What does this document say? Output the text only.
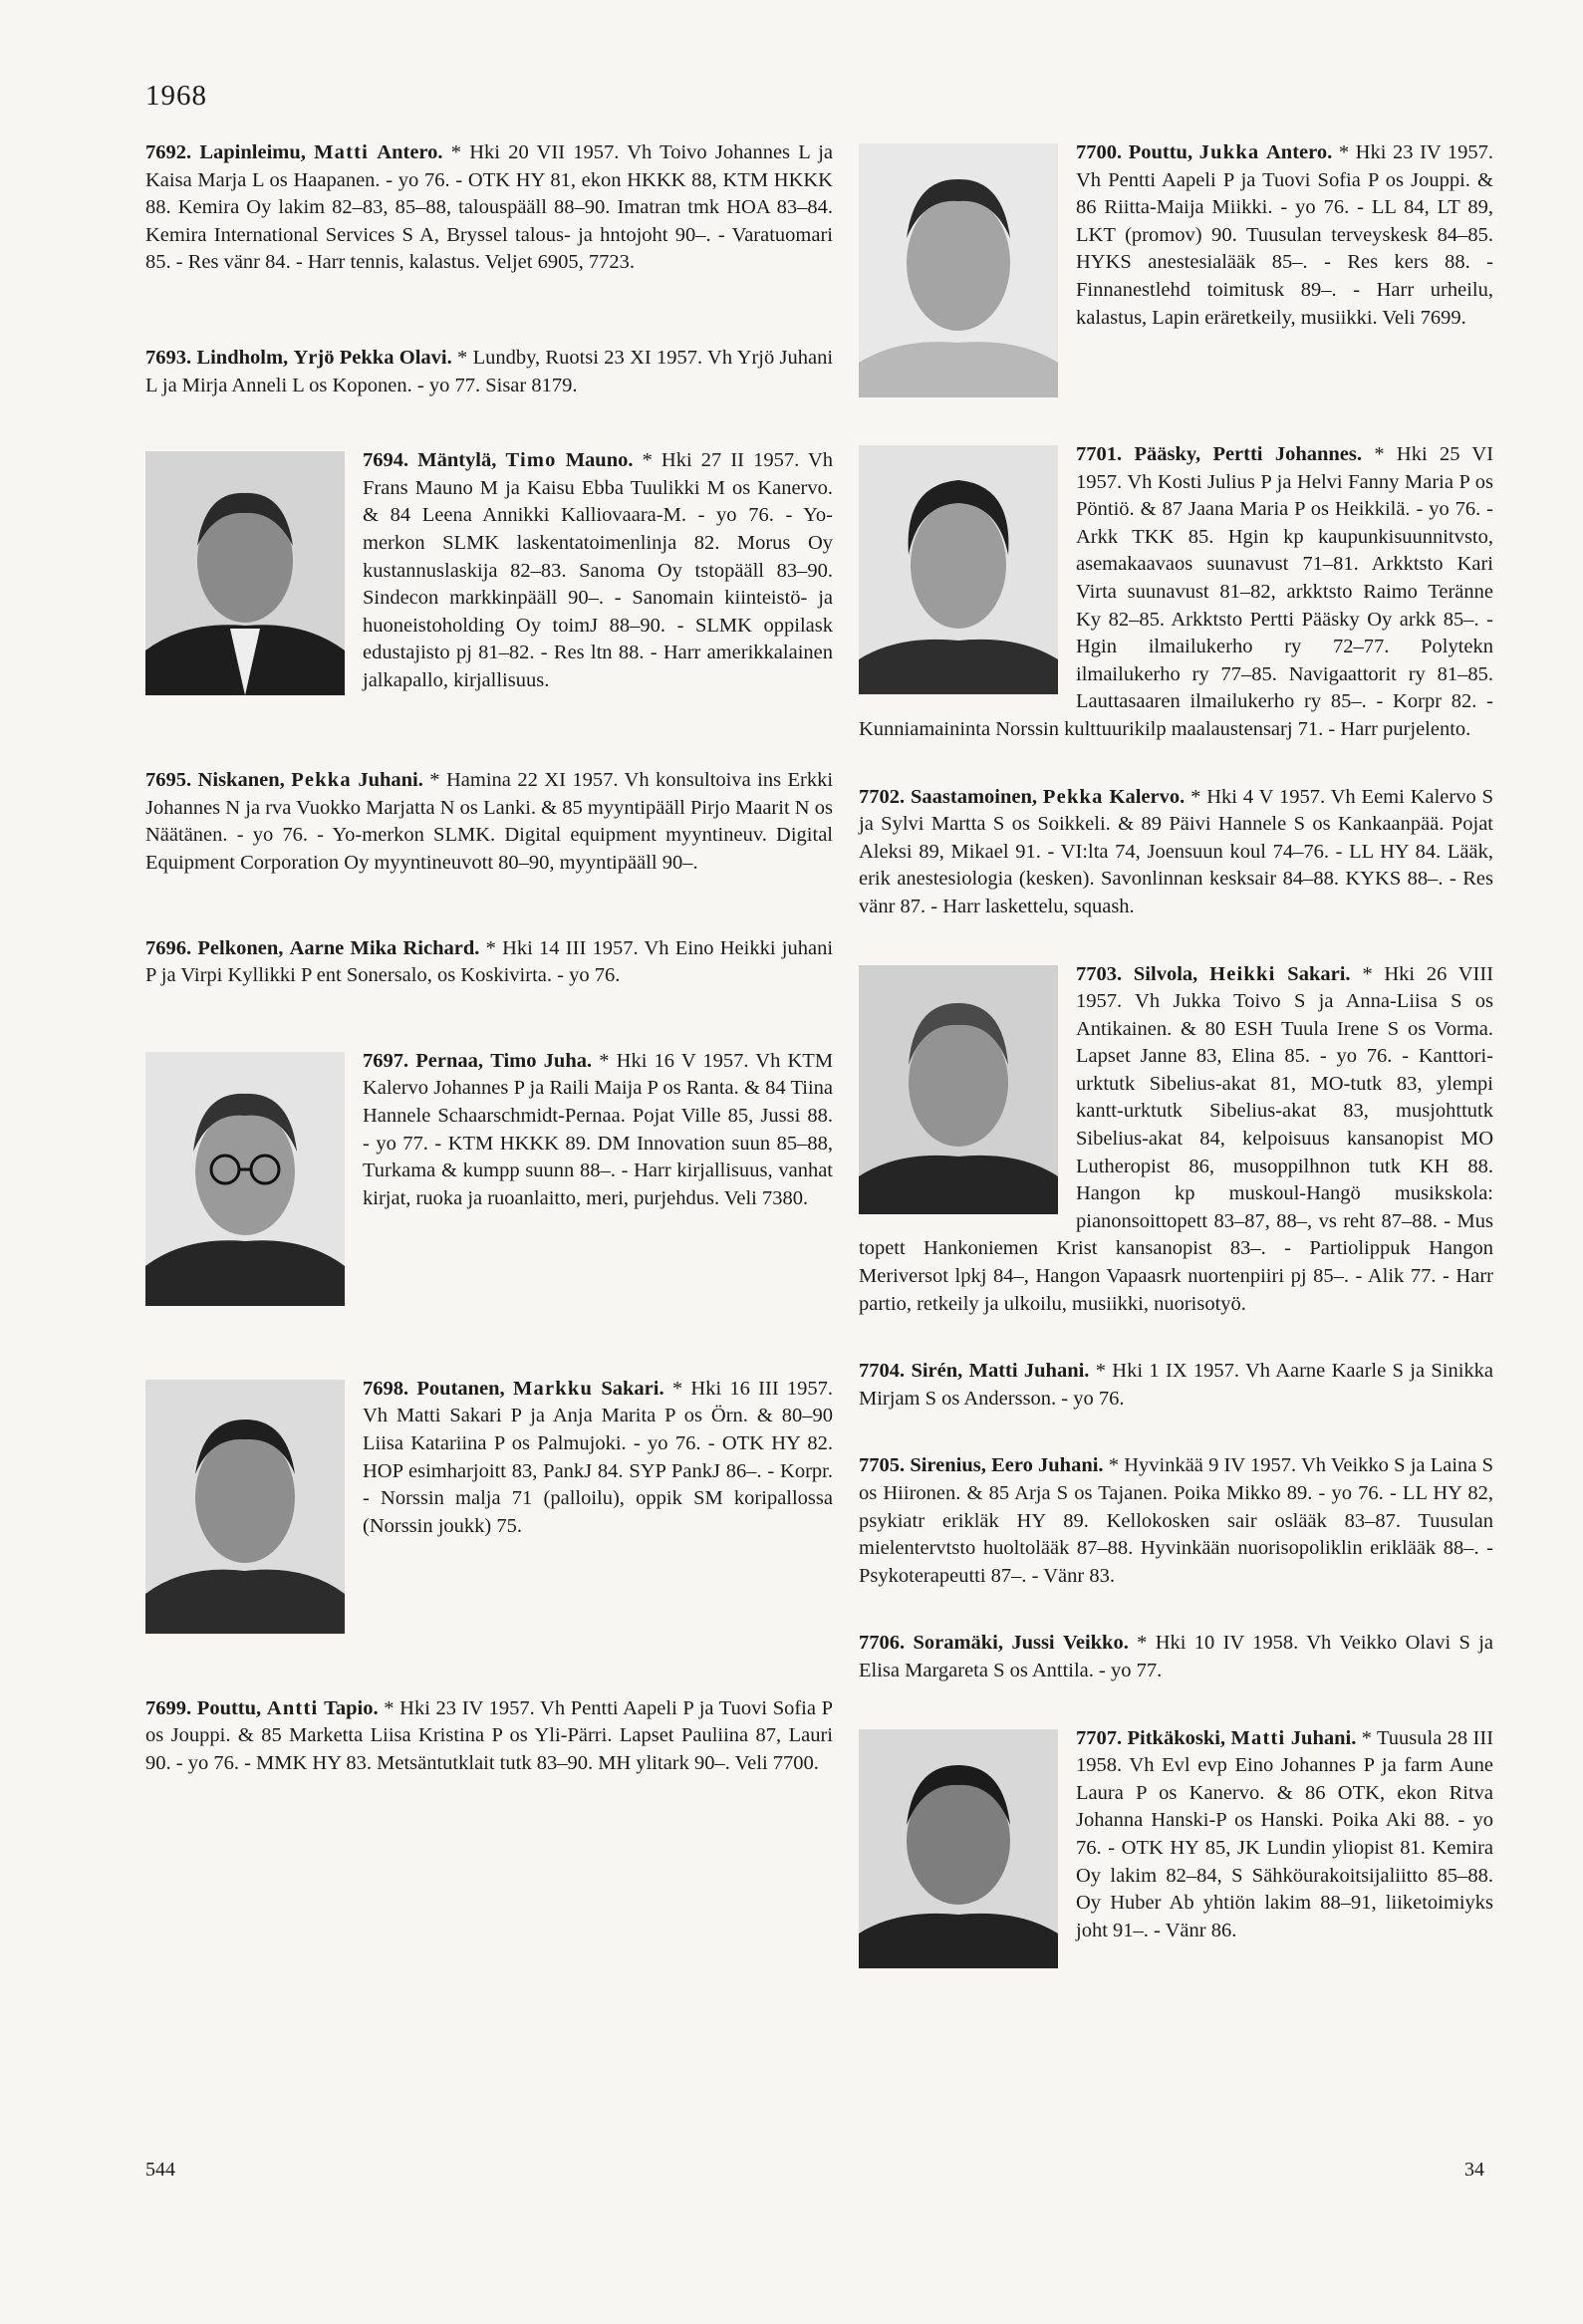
1968

7692. Lapinleimu, Matti Antero. * Hki 20 VII 1957. Vh Toivo Johannes L ja Kaisa Marja L os Haapanen. - yo 76. - OTK HY 81, ekon HKKK 88, KTM HKKK 88. Kemira Oy lakim 82–83, 85–88, talouspääll 88–90. Imatran tmk HOA 83–84. Kemira International Services S A, Bryssel talous- ja hntojoht 90–. - Varatuomari 85. - Res vänr 84. - Harr tennis, kalastus. Veljet 6905, 7723.

7693. Lindholm, Yrjö Pekka Olavi. * Lundby, Ruotsi 23 XI 1957. Vh Yrjö Juhani L ja Mirja Anneli L os Koponen. - yo 77. Sisar 8179.

7694. Mäntylä, Timo Mauno.
* Hki 27 II 1957. Vh Frans Mauno M ja Kaisu Ebba Tuulikki M os Kanervo. & 84 Leena Annikki Kalliovaara-M. - yo 76. - Yo-merkon SLMK laskentatoimenlinja 82. Morus Oy kustannuslaskija 82–83. Sanoma Oy tstopääll 83–90. Sindecon markkinpääll 90–. - Sanomain kiinteistö- ja huoneistoholding Oy toimJ 88–90. - SLMK oppilask edustajisto pj 81–82. - Res ltn 88. - Harr amerikkalainen jalkapallo, kirjallisuus.

7695. Niskanen, Pekka Juhani. * Hamina 22 XI 1957. Vh konsultoiva ins Erkki Johannes N ja rva Vuokko Marjatta N os Lanki. & 85 myyntipääll Pirjo Maarit N os Näätänen. - yo 76. - Yo-merkon SLMK. Digital equipment myyntineuv. Digital Equipment Corporation Oy myyntineuvott 80–90, myyntipääll 90–.

7696. Pelkonen, Aarne Mika Richard. * Hki 14 III 1957. Vh Eino Heikki juhani P ja Virpi Kyllikki P ent Sonersalo, os Koskivirta. - yo 76.

7697. Pernaa, Timo Juha.
* Hki 16 V 1957. Vh KTM Kalervo Johannes P ja Raili Maija P os Ranta. & 84 Tiina Hannele Schaarschmidt-Pernaa. Pojat Ville 85, Jussi 88. - yo 77. - KTM HKKK 89. DM Innovation suun 85–88, Turkama & kumpp suunn 88–. - Harr kirjallisuus, vanhat kirjat, ruoka ja ruoanlaitto, meri, purjehdus. Veli 7380.

7698. Poutanen, Markku Sakari.
* Hki 16 III 1957. Vh Matti Sakari P ja Anja Marita P os Örn. & 80–90 Liisa Katariina P os Palmujoki. - yo 76. - OTK HY 82. HOP esimharjoitt 83, PankJ 84. SYP PankJ 86–. - Korpr. - Norssin malja 71 (palloilu), oppik SM koripallossa (Norssin joukk) 75.

7699. Pouttu, Antti Tapio. * Hki 23 IV 1957. Vh Pentti Aapeli P ja Tuovi Sofia P os Jouppi. & 85 Marketta Liisa Kristina P os Yli-Pärri. Lapset Pauliina 87, Lauri 90. - yo 76. - MMK HY 83. Metsäntutklait tutk 83–90. MH ylitark 90–. Veli 7700.

7700. Pouttu, Jukka Antero.
* Hki 23 IV 1957. Vh Pentti Aapeli P ja Tuovi Sofia P os Jouppi. & 86 Riitta-Maija Miikki. - yo 76. - LL 84, LT 89, LKT (promov) 90. Tuusulan terveyskesk 84–85. HYKS anestesialääk 85–. - Res kers 88. - Finnanestlehd toimitusk 89–. - Harr urheilu, kalastus, Lapin eräretkeily, musiikki. Veli 7699.

7701. Pääsky, Pertti Johannes.
* Hki 25 VI 1957. Vh Kosti Julius P ja Helvi Fanny Maria P os Pöntiö. & 87 Jaana Maria P os Heikkilä. - yo 76. - Arkk TKK 85. Hgin kp kaupunkisuunnitvsto, asemakaavaos suunavust 71–81. Arkktsto Kari Virta suunavust 81–82, arkktsto Raimo Teränne Ky 82–85. Arkktsto Pertti Pääsky Oy arkk 85–. - Hgin ilmailukerho ry 72–77. Polytekn ilmailukerho ry 77–85. Navigaattorit ry 81–85. Lauttasaaren ilmailukerho ry 85–. - Korpr 82. - Kunniamaininta Norssin kulttuurikilp maalaustensarj 71. - Harr purjelento.

7702. Saastamoinen, Pekka Kalervo. * Hki 4 V 1957. Vh Eemi Kalervo S ja Sylvi Martta S os Soikkeli. & 89 Päivi Hannele S os Kankaanpää. Pojat Aleksi 89, Mikael 91. - VI:lta 74, Joensuun koul 74–76. - LL HY 84. Lääk, erik anestesiologia (kesken). Savonlinnan kesksair 84–88. KYKS 88–. - Res vänr 87. - Harr laskettelu, squash.

7703. Silvola, Heikki Sakari.
* Hki 26 VIII 1957. Vh Jukka Toivo S ja Anna-Liisa S os Antikainen. & 80 ESH Tuula Irene S os Vorma. Lapset Janne 83, Elina 85. - yo 76. - Kanttori-urktutk Sibelius-akat 81, MO-tutk 83, ylempi kantt-urktutk Sibelius-akat 83, musjohttutk Sibelius-akat 84, kelpoisuus kansanopist MO Lutheropist 86, musoppilhnon tutk KH 88. Hangon kp muskoul-Hangö musikskola: pianonsoittopett 83–87, 88–, vs reht 87–88. - Mus topett Hankoniemen Krist kansanopist 83–. - Partiolippuk Hangon Meriversot lpkj 84–, Hangon Vapaasrk nuortenpiiri pj 85–. - Alik 77. - Harr partio, retkeily ja ulkoilu, musiikki, nuorisotyö.

7704. Sirén, Matti Juhani. * Hki 1 IX 1957. Vh Aarne Kaarle S ja Sinikka Mirjam S os Andersson. - yo 76.

7705. Sirenius, Eero Juhani. * Hyvinkää 9 IV 1957. Vh Veikko S ja Laina S os Hiironen. & 85 Arja S os Tajanen. Poika Mikko 89. - yo 76. - LL HY 82, psykiatr erikläk HY 89. Kellokosken sair oslääk 83–87. Tuusulan mielentervtsto huoltolääk 87–88. Hyvinkään nuorisopoliklin eriklääk 88–. - Psykoterapeutti 87–. - Vänr 83.

7706. Soramäki, Jussi Veikko. * Hki 10 IV 1958. Vh Veikko Olavi S ja Elisa Margareta S os Anttila. - yo 77.

7707. Pitkäkoski, Matti Juhani.
* Tuusula 28 III 1958. Vh Evl evp Eino Johannes P ja farm Aune Laura P os Kanervo. & 86 OTK, ekon Ritva Johanna Hanski-P os Hanski. Poika Aki 88. - yo 76. - OTK HY 85, JK Lundin yliopist 81. Kemira Oy lakim 82–84, S Sähköurakoitsijaliitto 85–88. Oy Huber Ab yhtiön lakim 88–91, liiketoimiyks joht 91–. - Vänr 86.

544	34
